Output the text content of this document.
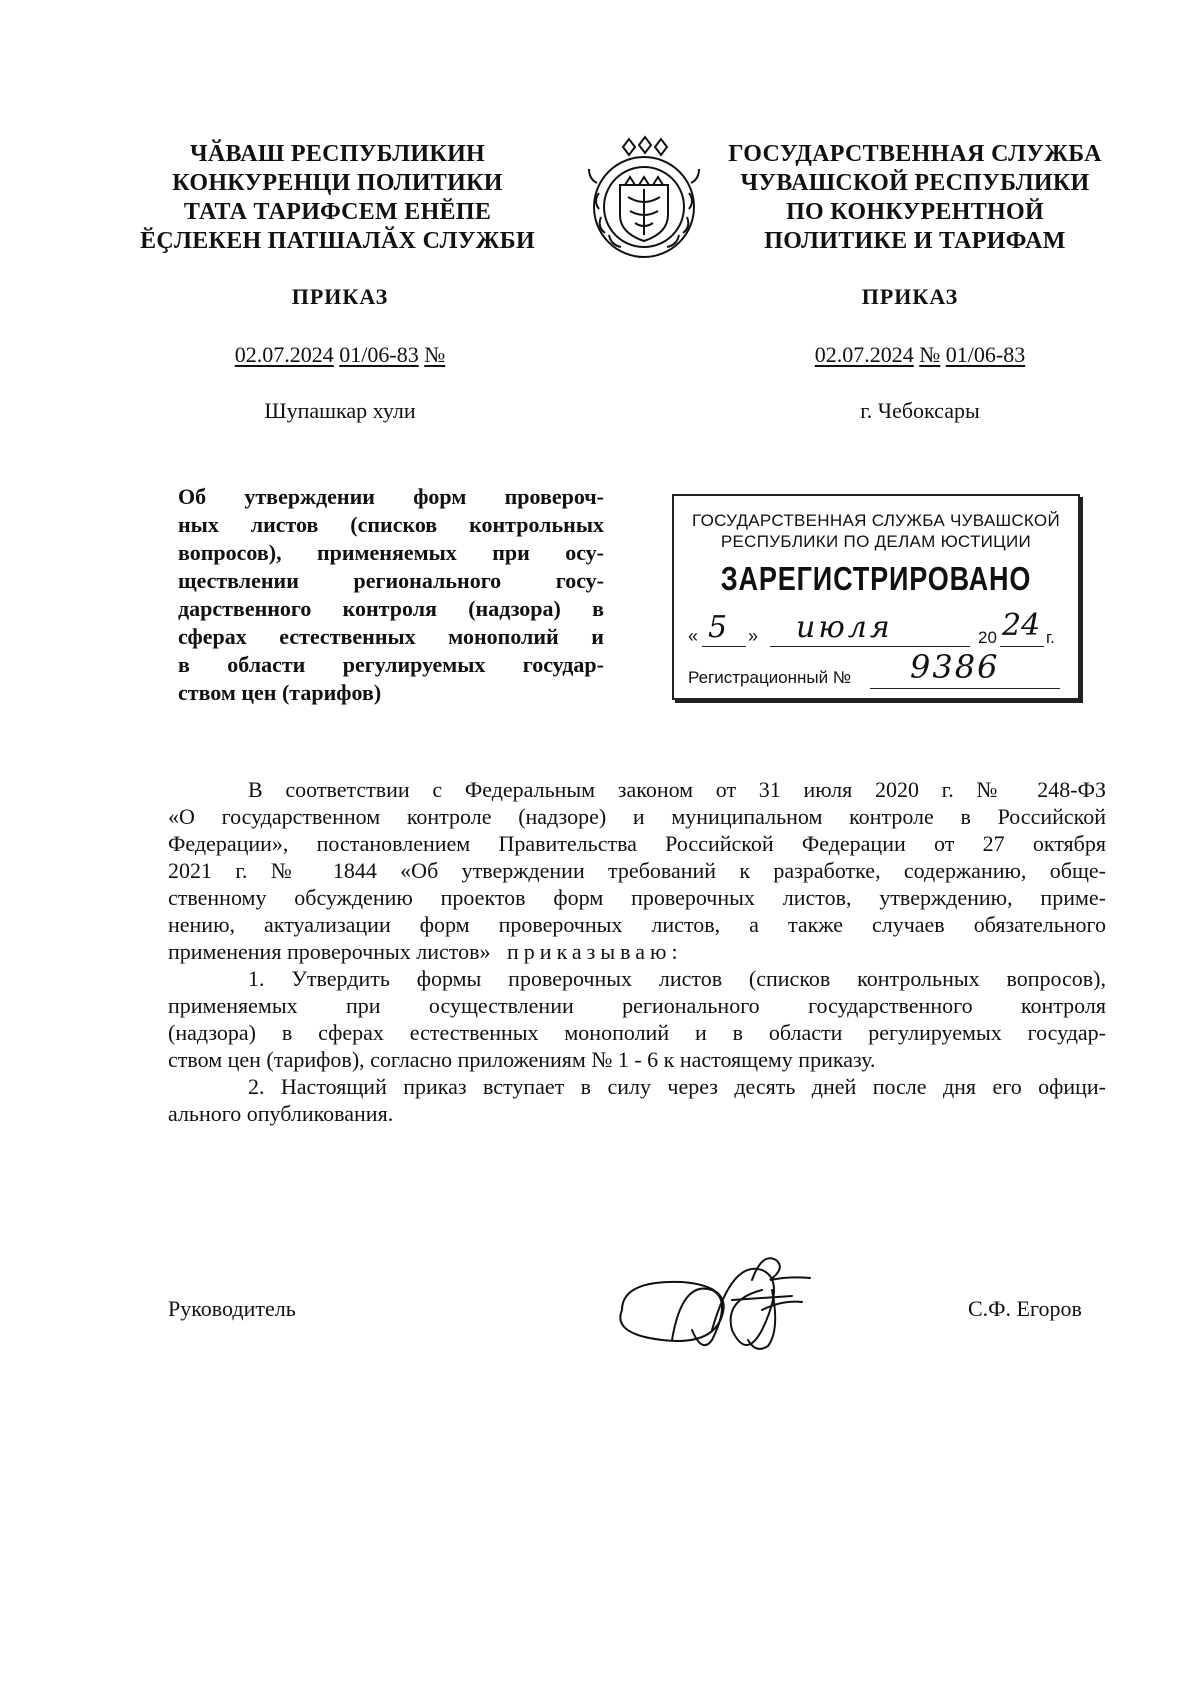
ЧӐВАШ РЕСПУБЛИКИН
КОНКУРЕНЦИ ПОЛИТИКИ
ТАТА ТАРИФСЕМ ЕНӖПЕ
ӖҪЛЕКЕН ПАТШАЛӐХ СЛУЖБИ
ГОСУДАРСТВЕННАЯ СЛУЖБА
ЧУВАШСКОЙ РЕСПУБЛИКИ
ПО КОНКУРЕНТНОЙ
ПОЛИТИКЕ И ТАРИФАМ
ПРИКАЗ	ПРИКАЗ
02.07.2024 01/06-83 №	02.07.2024 № 01/06-83
Шупашкар хули	г. Чебоксары
Об утверждении форм провероч-
ных листов (списков контрольных
вопросов), применяемых при осу-
ществлении регионального госу-
дарственного контроля (надзора) в
сферах естественных монополий и
в области регулируемых государ-
ством цен (тарифов)
ГОСУДАРСТВЕННАЯ СЛУЖБА ЧУВАШСКОЙ
РЕСПУБЛИКИ ПО ДЕЛАМ ЮСТИЦИИ
ЗАРЕГИСТРИРОВАНО
« 5 » июля	20 24 г.
Регистрационный № 9386
В соответствии с Федеральным законом от 31 июля 2020 г. № 248-ФЗ
«О государственном контроле (надзоре) и муниципальном контроле в Российской
Федерации», постановлением Правительства Российской Федерации от 27 октября
2021 г. № 1844 «Об утверждении требований к разработке, содержанию, обще-
ственному обсуждению проектов форм проверочных листов, утверждению, приме-
нению, актуализации форм проверочных листов, а также случаев обязательного
применения проверочных листов» приказываю:
1. Утвердить формы проверочных листов (списков контрольных вопросов),
применяемых при осуществлении регионального государственного контроля
(надзора) в сферах естественных монополий и в области регулируемых государ-
ством цен (тарифов), согласно приложениям № 1 - 6 к настоящему приказу.
2. Настоящий приказ вступает в силу через десять дней после дня его офици-
ального опубликования.
Руководитель	С.Ф. Егоров
